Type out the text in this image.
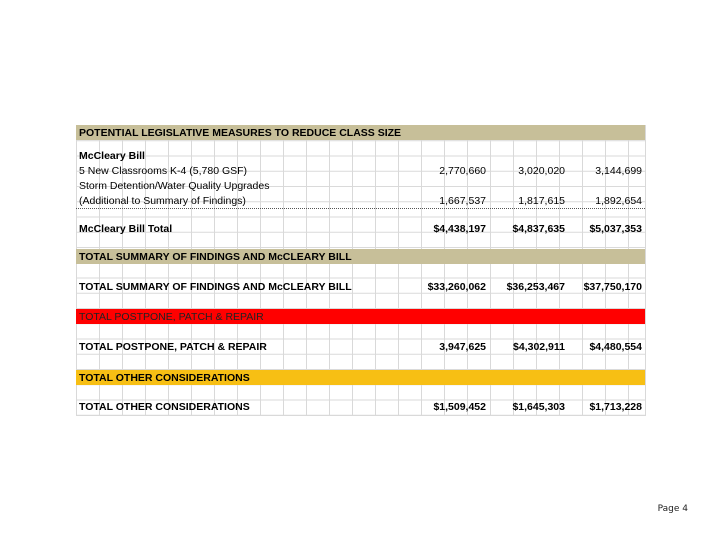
POTENTIAL LEGISLATIVE MEASURES TO REDUCE CLASS SIZE
McCleary Bill
5 New Classrooms K-4 (5,780 GSF)	2,770,660	3,020,020	3,144,699
Storm Detention/Water Quality Upgrades
(Additional to Summary of Findings)	1,667,537	1,817,615	1,892,654
McCleary Bill Total	$4,438,197	$4,837,635	$5,037,353
TOTAL SUMMARY OF FINDINGS AND McCLEARY BILL
TOTAL SUMMARY OF FINDINGS AND McCLEARY BILL	$33,260,062	$36,253,467	$37,750,170
TOTAL POSTPONE, PATCH & REPAIR
TOTAL POSTPONE, PATCH & REPAIR	3,947,625	$4,302,911	$4,480,554
TOTAL OTHER CONSIDERATIONS
TOTAL OTHER CONSIDERATIONS	$1,509,452	$1,645,303	$1,713,228
Page 4
